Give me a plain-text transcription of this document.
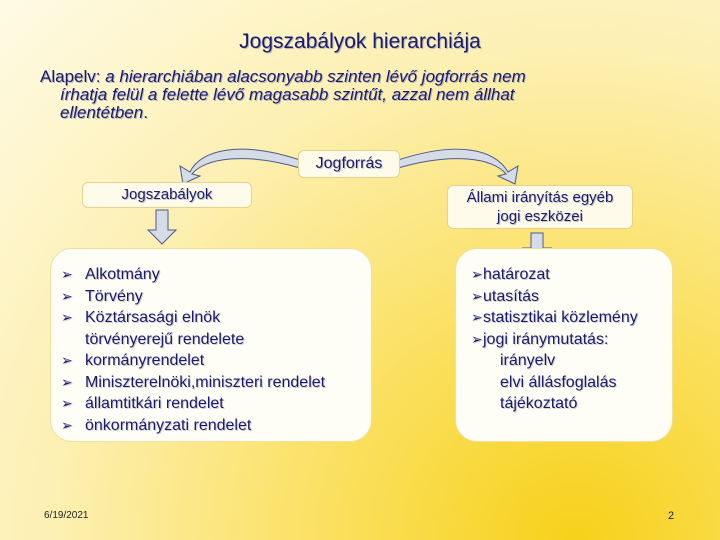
Jogszabályok hierarchiája
Alapelv: a hierarchiában alacsonyabb szinten lévő jogforrás nem
írhatja felül a felette lévő magasabb szintűt, azzal nem állhat
ellentétben.
Jogforrás
Jogszabályok	Állami irányítás egyéb
jogi eszközei
➢ Alkotmány
➢ Törvény
➢ Köztársasági elnök
törvényerejű rendelete
➢ kormányrendelet
➢ Miniszterelnöki,miniszteri rendelet
➢ államtitkári rendelet
➢ önkormányzati rendelet
➢ határozat
➢ utasítás
➢ statisztikai közlemény
➢ jogi iránymutatás:
irányelv
elvi állásfoglalás
tájékoztató
6/19/2021	2
